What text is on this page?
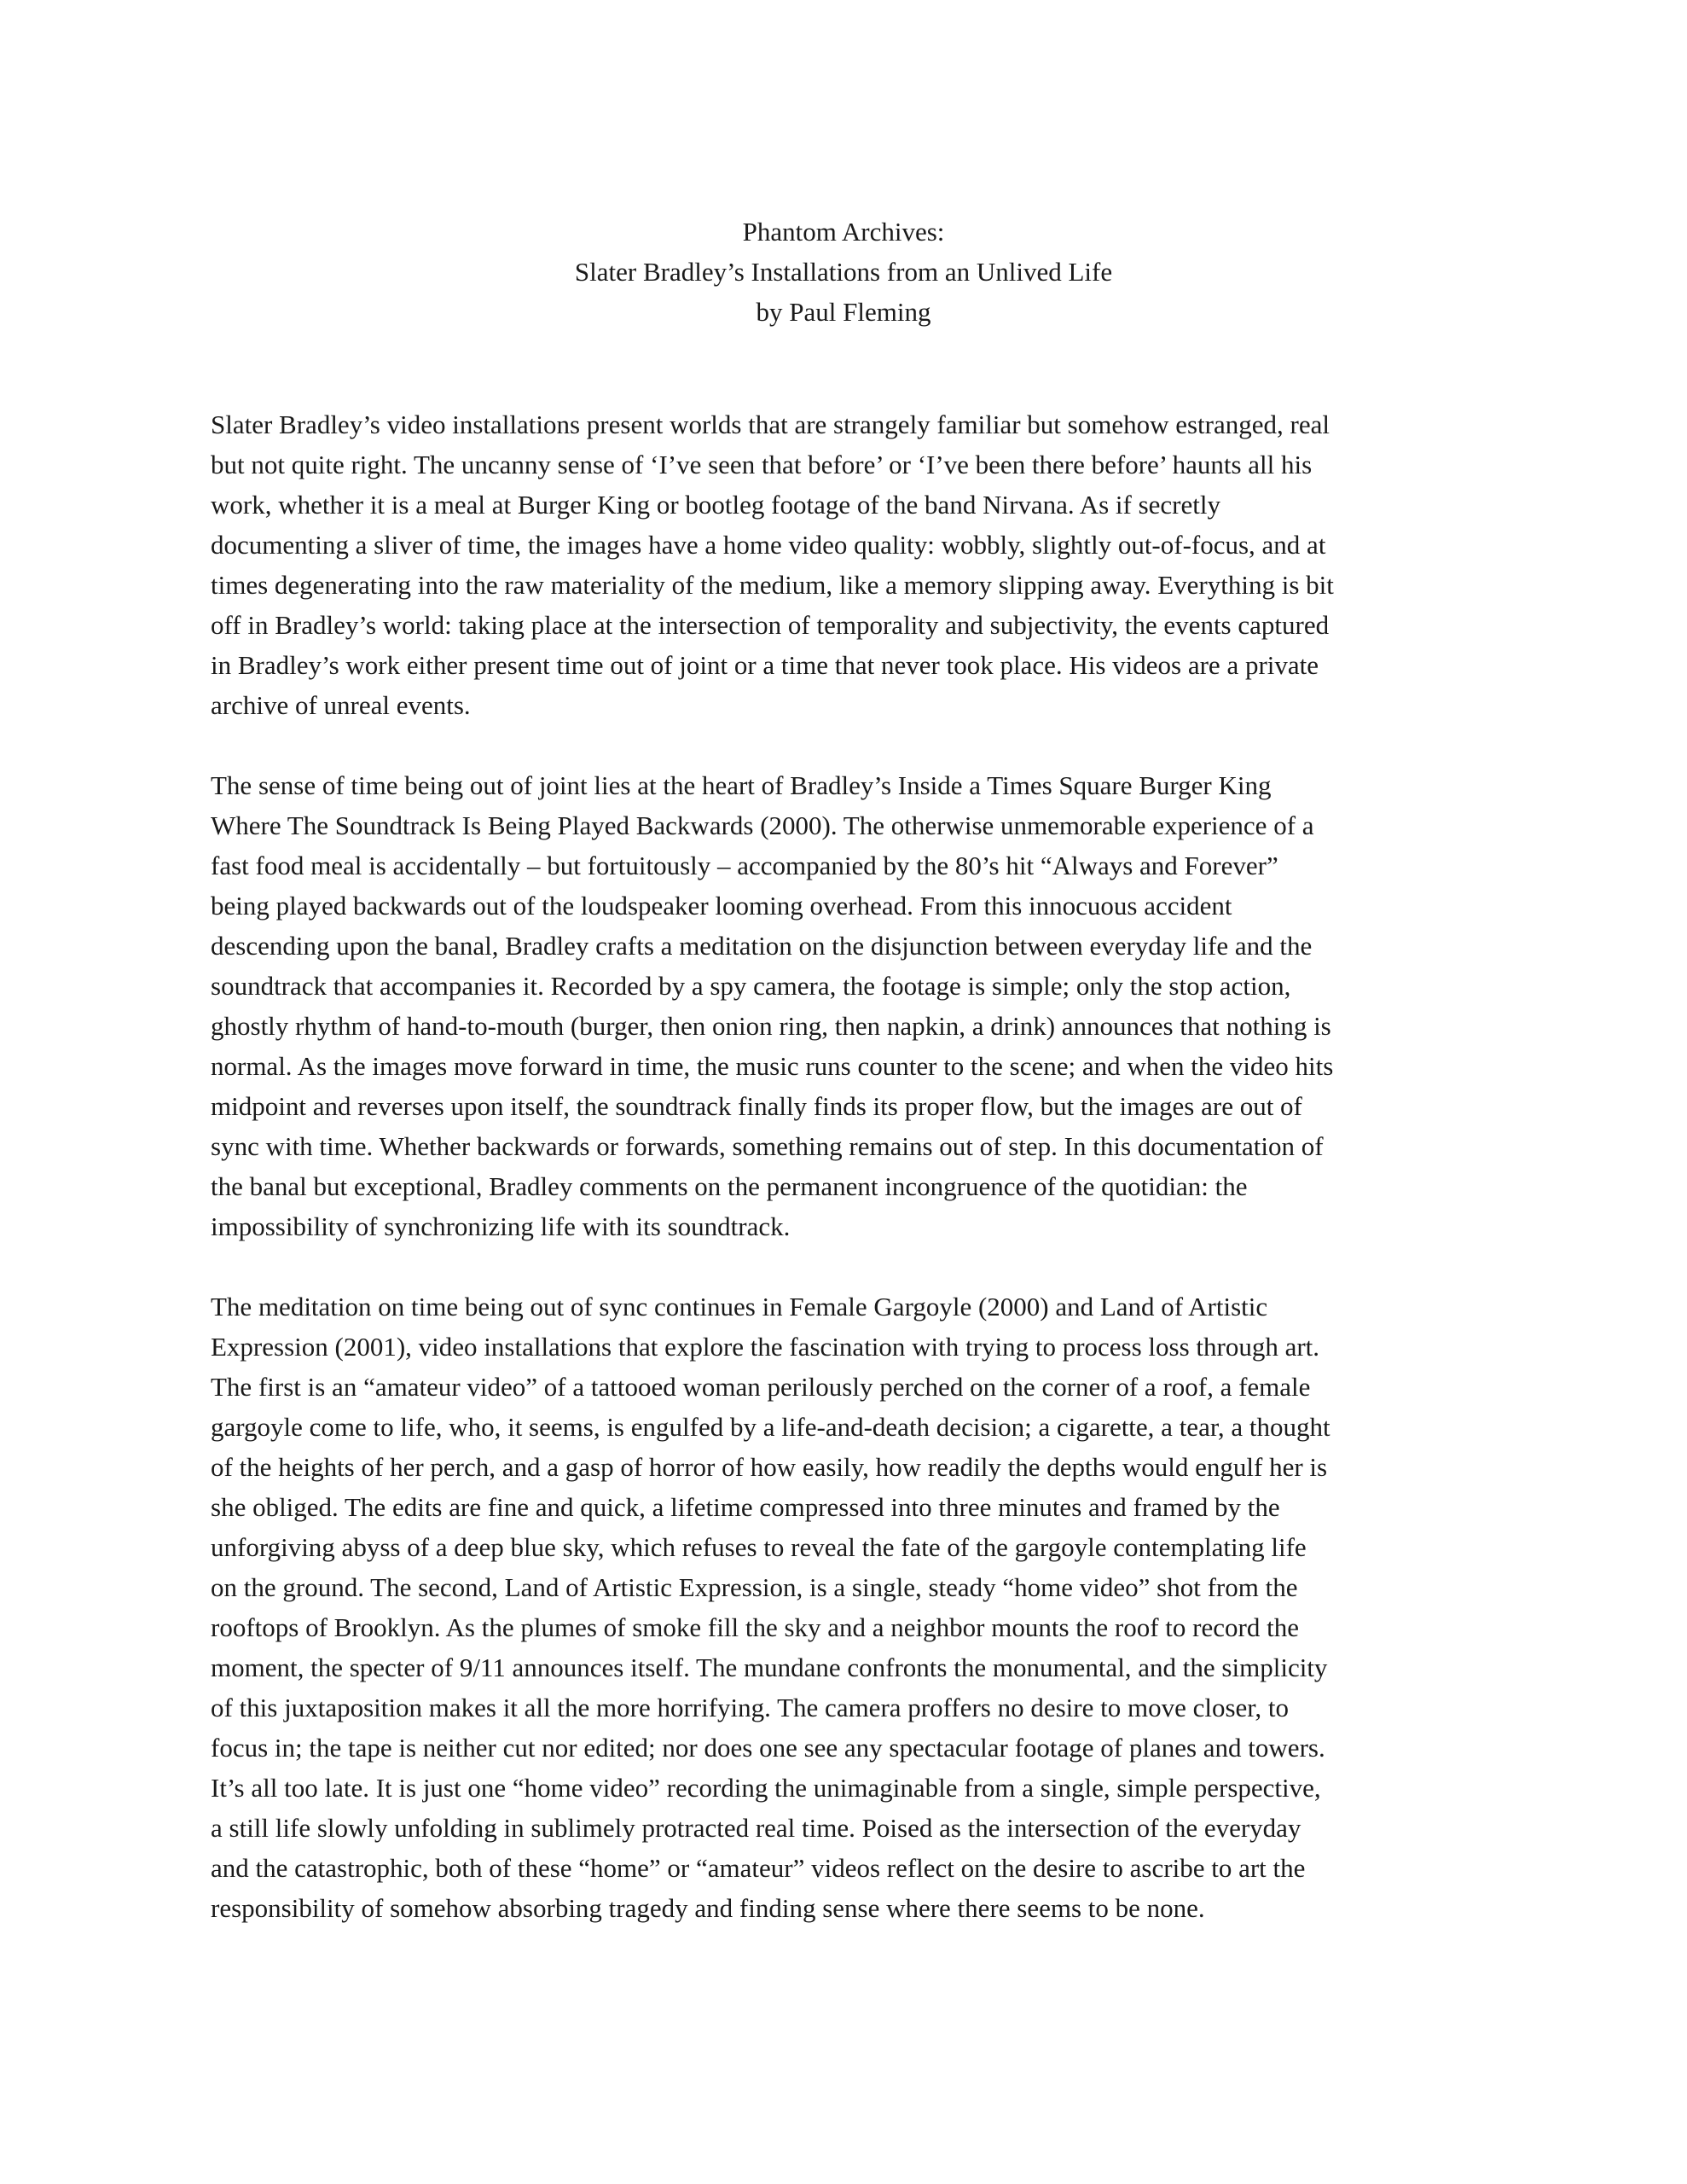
Phantom Archives:
Slater Bradley’s Installations from an Unlived Life
by Paul Fleming

Slater Bradley’s video installations present worlds that are strangely familiar but somehow estranged, real
but not quite right. The uncanny sense of ‘I’ve seen that before’ or ‘I’ve been there before’ haunts all his
work, whether it is a meal at Burger King or bootleg footage of the band Nirvana. As if secretly
documenting a sliver of time, the images have a home video quality: wobbly, slightly out-of-focus, and at
times degenerating into the raw materiality of the medium, like a memory slipping away. Everything is bit
off in Bradley’s world: taking place at the intersection of temporality and subjectivity, the events captured
in Bradley’s work either present time out of joint or a time that never took place. His videos are a private
archive of unreal events.

The sense of time being out of joint lies at the heart of Bradley’s Inside a Times Square Burger King
Where The Soundtrack Is Being Played Backwards (2000). The otherwise unmemorable experience of a
fast food meal is accidentally – but fortuitously – accompanied by the 80’s hit “Always and Forever”
being played backwards out of the loudspeaker looming overhead. From this innocuous accident
descending upon the banal, Bradley crafts a meditation on the disjunction between everyday life and the
soundtrack that accompanies it. Recorded by a spy camera, the footage is simple; only the stop action,
ghostly rhythm of hand-to-mouth (burger, then onion ring, then napkin, a drink) announces that nothing is
normal. As the images move forward in time, the music runs counter to the scene; and when the video hits
midpoint and reverses upon itself, the soundtrack finally finds its proper flow, but the images are out of
sync with time. Whether backwards or forwards, something remains out of step. In this documentation of
the banal but exceptional, Bradley comments on the permanent incongruence of the quotidian: the
impossibility of synchronizing life with its soundtrack.

The meditation on time being out of sync continues in Female Gargoyle (2000) and Land of Artistic
Expression (2001), video installations that explore the fascination with trying to process loss through art.
The first is an “amateur video” of a tattooed woman perilously perched on the corner of a roof, a female
gargoyle come to life, who, it seems, is engulfed by a life-and-death decision; a cigarette, a tear, a thought
of the heights of her perch, and a gasp of horror of how easily, how readily the depths would engulf her is
she obliged. The edits are fine and quick, a lifetime compressed into three minutes and framed by the
unforgiving abyss of a deep blue sky, which refuses to reveal the fate of the gargoyle contemplating life
on the ground. The second, Land of Artistic Expression, is a single, steady “home video” shot from the
rooftops of Brooklyn. As the plumes of smoke fill the sky and a neighbor mounts the roof to record the
moment, the specter of 9/11 announces itself. The mundane confronts the monumental, and the simplicity
of this juxtaposition makes it all the more horrifying. The camera proffers no desire to move closer, to
focus in; the tape is neither cut nor edited; nor does one see any spectacular footage of planes and towers.
It’s all too late. It is just one “home video” recording the unimaginable from a single, simple perspective,
a still life slowly unfolding in sublimely protracted real time. Poised as the intersection of the everyday
and the catastrophic, both of these “home” or “amateur” videos reflect on the desire to ascribe to art the
responsibility of somehow absorbing tragedy and finding sense where there seems to be none.
